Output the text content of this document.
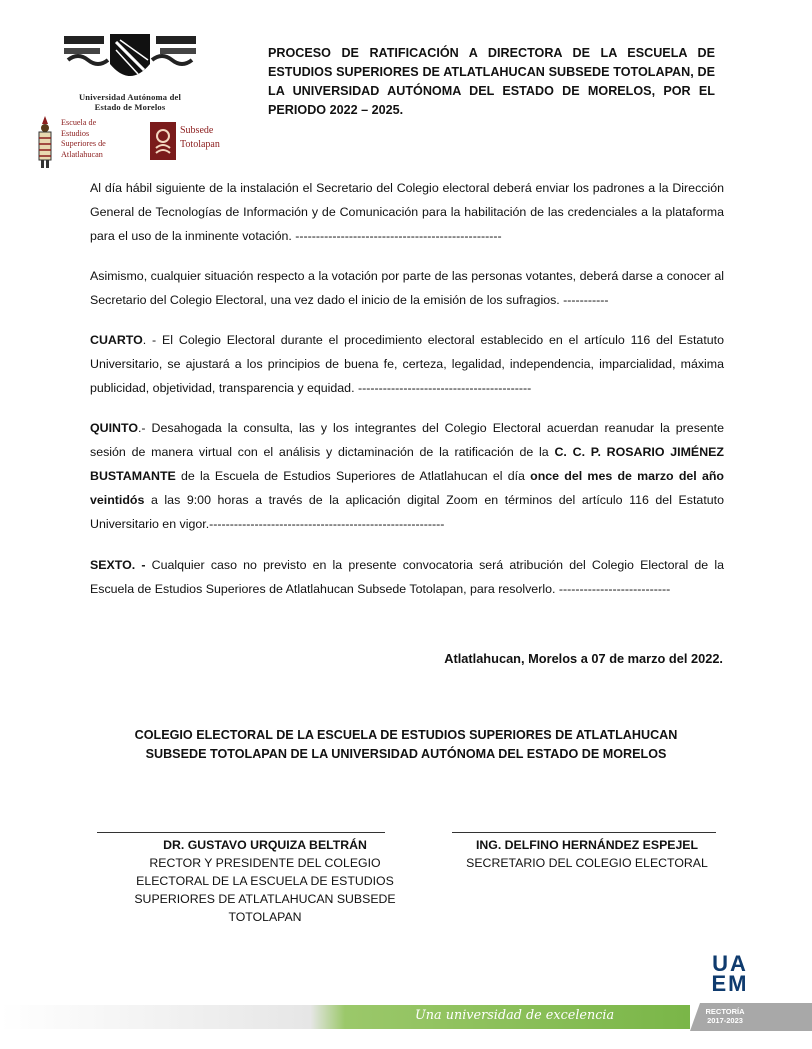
Universidad Autónoma del
Estado de Morelos
Escuela de
Estudios
Superiores de
Atlatlahucan
Subsede
Totolapan
PROCESO DE RATIFICACIÓN A DIRECTORA DE LA ESCUELA DE ESTUDIOS SUPERIORES DE ATLATLAHUCAN SUBSEDE TOTOLAPAN, DE LA UNIVERSIDAD AUTÓNOMA DEL ESTADO DE MORELOS, POR EL PERIODO 2022 – 2025.
Al día hábil siguiente de la instalación el Secretario del Colegio electoral deberá enviar los padrones a la Dirección General de Tecnologías de Información y de Comunicación para la habilitación de las credenciales a la plataforma para el uso de la inminente votación. --------------------------------------------------
Asimismo, cualquier situación respecto a la votación por parte de las personas votantes, deberá darse a conocer al Secretario del Colegio Electoral, una vez dado el inicio de la emisión de los sufragios. -----------
CUARTO. - El Colegio Electoral durante el procedimiento electoral establecido en el artículo 116 del Estatuto Universitario, se ajustará a los principios de buena fe, certeza, legalidad, independencia, imparcialidad, máxima publicidad, objetividad, transparencia y equidad. ------------------------------------------
QUINTO.- Desahogada la consulta, las y los integrantes del Colegio Electoral acuerdan reanudar la presente sesión de manera virtual con el análisis y dictaminación de la ratificación de la C. C. P. ROSARIO JIMÉNEZ BUSTAMANTE de la Escuela de Estudios Superiores de Atlatlahucan el día once del mes de marzo del año veintidós a las 9:00 horas a través de la aplicación digital Zoom en términos del artículo 116 del Estatuto Universitario en vigor.---------------------------------------------------------
SEXTO. - Cualquier caso no previsto en la presente convocatoria será atribución del Colegio Electoral de la Escuela de Estudios Superiores de Atlatlahucan Subsede Totolapan, para resolverlo. ---------------------------
Atlatlahucan, Morelos a 07 de marzo del 2022.
COLEGIO ELECTORAL DE LA ESCUELA DE ESTUDIOS SUPERIORES DE ATLATLAHUCAN
SUBSEDE TOTOLAPAN DE LA UNIVERSIDAD AUTÓNOMA DEL ESTADO DE MORELOS
DR. GUSTAVO URQUIZA BELTRÁN
RECTOR Y PRESIDENTE DEL COLEGIO
ELECTORAL DE LA ESCUELA DE ESTUDIOS
SUPERIORES DE ATLATLAHUCAN SUBSEDE
TOTOLAPAN
ING. DELFINO HERNÁNDEZ ESPEJEL
SECRETARIO DEL COLEGIO ELECTORAL
UA
EM
Una universidad de excelencia	RECTORÍA
2017-2023
